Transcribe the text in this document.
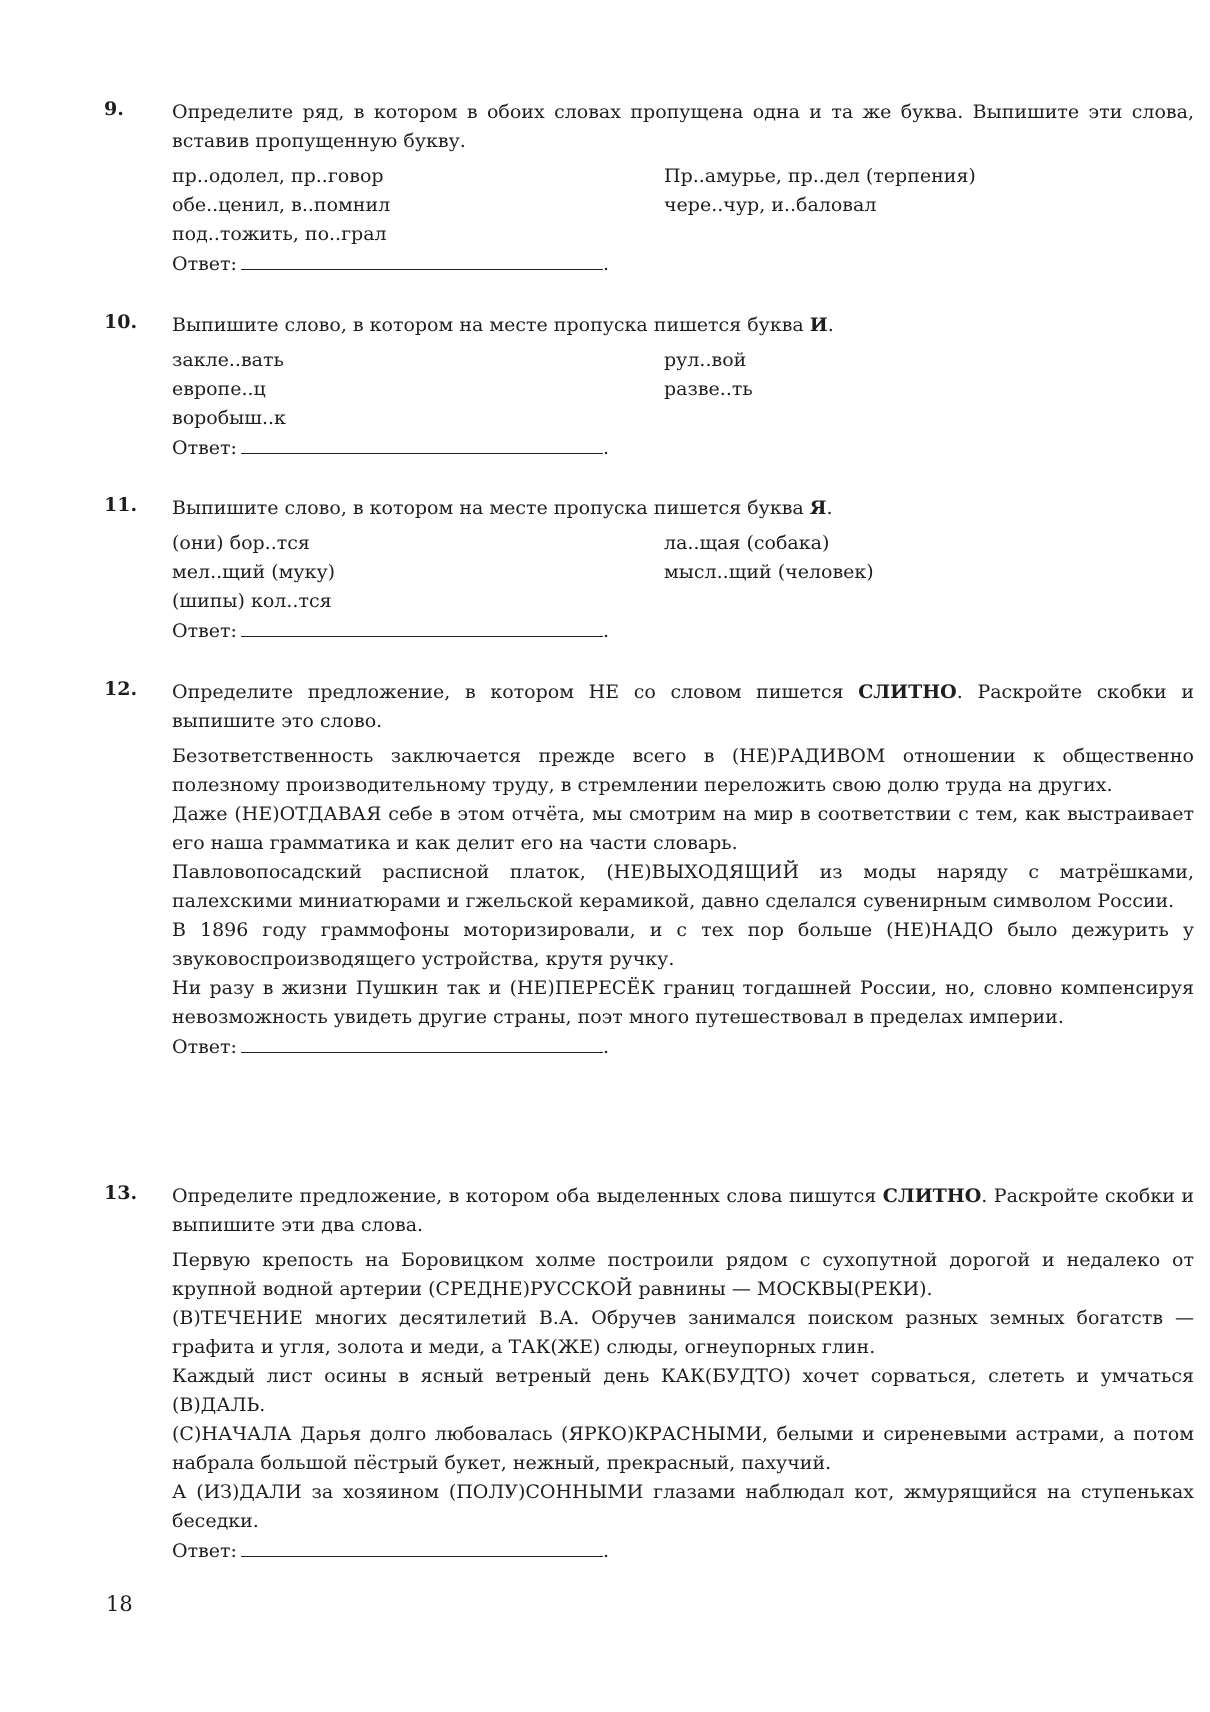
9.	Определите ряд, в котором в обоих словах пропущена одна и та же буква. Выпишите эти слова, вставив пропущенную букву.
пр..одолел, пр..говор
обе..ценил, в..помнил
под..тожить, по..грал
Пр..амурье, пр..дел (терпения)
чере..чур, и..баловал
Ответ:	.
10.	Выпишите слово, в котором на месте пропуска пишется буква И.
закле..вать
европе..ц
воробыш..к
рул..вой
разве..ть
Ответ:	.
11.	Выпишите слово, в котором на месте пропуска пишется буква Я.
(они) бор..тся
мел..щий (муку)
(шипы) кол..тся
ла..щая (собака)
мысл..щий (человек)
Ответ:	.
12.	Определите предложение, в котором НЕ со словом пишется СЛИТНО. Раскройте скобки и выпишите это слово.

Безответственность заключается прежде всего в (НЕ)РАДИВОМ отношении к общественно полезному производительному труду, в стремлении переложить свою долю труда на других.

Даже (НЕ)ОТДАВАЯ себе в этом отчёта, мы смотрим на мир в соответствии с тем, как выстраивает его наша грамматика и как делит его на части словарь.

Павловопосадский расписной платок, (НЕ)ВЫХОДЯЩИЙ из моды наряду с матрёшками, палехскими миниатюрами и гжельской керамикой, давно сделался сувенирным символом России.

В 1896 году граммофоны моторизировали, и с тех пор больше (НЕ)НАДО было дежурить у звуковоспроизводящего устройства, крутя ручку.

Ни разу в жизни Пушкин так и (НЕ)ПЕРЕСЁК границ тогдашней России, но, словно компенсируя невозможность увидеть другие страны, поэт много путешествовал в пределах империи.

Ответ:	.
13.	Определите предложение, в котором оба выделенных слова пишутся СЛИТНО. Раскройте скобки и выпишите эти два слова.

Первую крепость на Боровицком холме построили рядом с сухопутной дорогой и недалеко от крупной водной артерии (СРЕДНЕ)РУССКОЙ равнины — МОСКВЫ(РЕКИ).

(В)ТЕЧЕНИЕ многих десятилетий В.А. Обручев занимался поиском разных земных богатств — графита и угля, золота и меди, а ТАК(ЖЕ) слюды, огнеупорных глин.

Каждый лист осины в ясный ветреный день КАК(БУДТО) хочет сорваться, слететь и умчаться (В)ДАЛЬ.

(С)НАЧАЛА Дарья долго любовалась (ЯРКО)КРАСНЫМИ, белыми и сиреневыми астрами, а потом набрала большой пёстрый букет, нежный, прекрасный, пахучий.

А (ИЗ)ДАЛИ за хозяином (ПОЛУ)СОННЫМИ глазами наблюдал кот, жмурящийся на ступеньках беседки.

Ответ:	.
18
